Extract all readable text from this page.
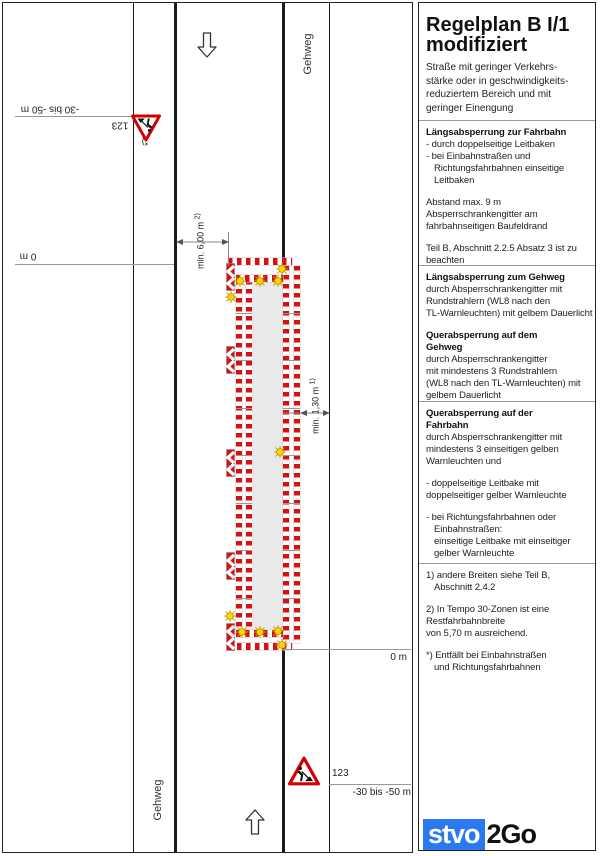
Gehweg
Gehweg
-30 bis -50 m
123
*)
0 m	min. 6,00 m $^{2)}$
min. 1,30 m $^{1)}$
0 m
123
-30 bis -50 m
Regelplan B I/1
modifiziert
Straße mit geringer Verkehrs-
stärke oder in geschwindigkeits-
reduziertem Bereich und mit
geringer Einengung
Längsabsperrung zur Fahrbahn
- durch doppelseitige Leitbaken
- bei Einbahnstraßen und
Richtungsfahrbahnen einseitige
Leitbaken
Abstand max. 9 m
Absperrschrankengitter am
fahrbahnseitigen Baufeldrand
Teil B, Abschnitt 2.2.5 Absatz 3 ist zu
beachten
Längsabsperrung zum Gehweg
durch Absperrschrankengitter mit
Rundstrahlern (WL8 nach den
TL-Warnleuchten) mit gelbem Dauerlicht
Querabsperrung auf dem
Gehweg
durch Absperrschrankengitter
mit mindestens 3 Rundstrahlern
(WL8 nach den TL-Warnleuchten) mit
gelbem Dauerlicht
Querabsperrung auf der
Fahrbahn
durch Absperrschrankengitter mit
mindestens 3 einseitigen gelben
Warnleuchten und
- doppelseitige Leitbake mit
doppelseitiger gelber Warnleuchte
- bei Richtungsfahrbahnen oder
Einbahnstraßen:
einseitige Leitbake mit einseitiger
gelber Warnleuchte
1) andere Breiten siehe Teil B,
Abschnitt 2.4.2
2) In Tempo 30-Zonen ist eine
Restfahrbahnbreite
von 5,70 m ausreichend.
*) Entfällt bei Einbahnstraßen
und Richtungsfahrbahnen
stvo 2Go
